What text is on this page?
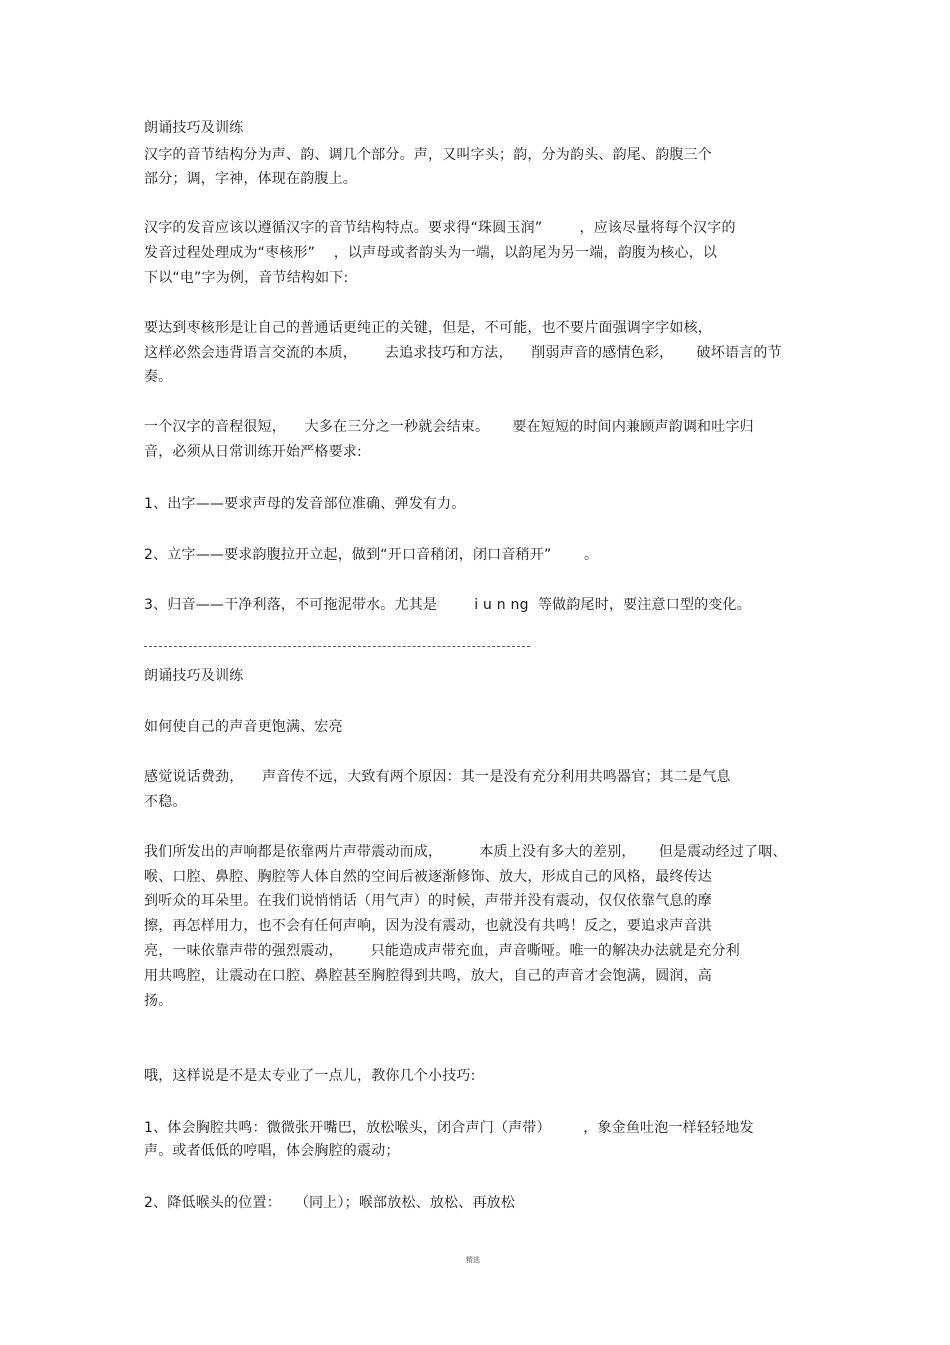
朗诵技巧及训练
汉字的音节结构分为声、韵、调几个部分。声，又叫字头；韵，分为韵头、韵尾、韵腹三个
部分；调，字神，体现在韵腹上。
汉字的发音应该以遵循汉字的音节结构特点。要求得“珠圆玉润”        ，应该尽量将每个汉字的
发音过程处理成为“枣核形”    ，以声母或者韵头为一端，以韵尾为另一端，韵腹为核心，以
下以“电”字为例，音节结构如下:
要达到枣核形是让自己的普通话更纯正的关键，但是，不可能，也不要片面强调字字如核，
这样必然会违背语言交流的本质，      去追求技巧和方法，    削弱声音的感情色彩，     破坏语言的节
奏。
一个汉字的音程很短，    大多在三分之一秒就会结束。     要在短短的时间内兼顾声韵调和吐字归
音，必须从日常训练开始严格要求:
1、出字——要求声母的发音部位准确、弹发有力。
2、立字——要求韵腹拉开立起，做到“开口音稍闭，闭口音稍开”       。
3、归音——干净利落，不可拖泥带水。尤其是        i u n ng  等做韵尾时，要注意口型的变化。
朗诵技巧及训练
如何使自己的声音更饱满、宏亮
感觉说话费劲，    声音传不远，大致有两个原因：其一是没有充分利用共鸣器官；其二是气息
不稳。
我们所发出的声响都是依靠两片声带震动而成，        本质上没有多大的差别，     但是震动经过了咽、
喉、口腔、鼻腔、胸腔等人体自然的空间后被逐渐修饰、放大，形成自己的风格，最终传达
到听众的耳朵里。在我们说悄悄话（用气声）的时候，声带并没有震动，仅仅依靠气息的摩
擦，再怎样用力，也不会有任何声响，因为没有震动，也就没有共鸣！反之，要追求声音洪
亮，一味依靠声带的强烈震动，      只能造成声带充血，声音嘶哑。唯一的解决办法就是充分利
用共鸣腔，让震动在口腔、鼻腔甚至胸腔得到共鸣，放大，自己的声音才会饱满，圆润，高
扬。
哦，这样说是不是太专业了一点儿，教你几个小技巧:
1、体会胸腔共鸣：微微张开嘴巴，放松喉头，闭合声门（声带）       ，象金鱼吐泡一样轻轻地发
声。或者低低的哼唱，体会胸腔的震动；
2、降低喉头的位置：   （同上）；喉部放松、放松、再放松
精选
